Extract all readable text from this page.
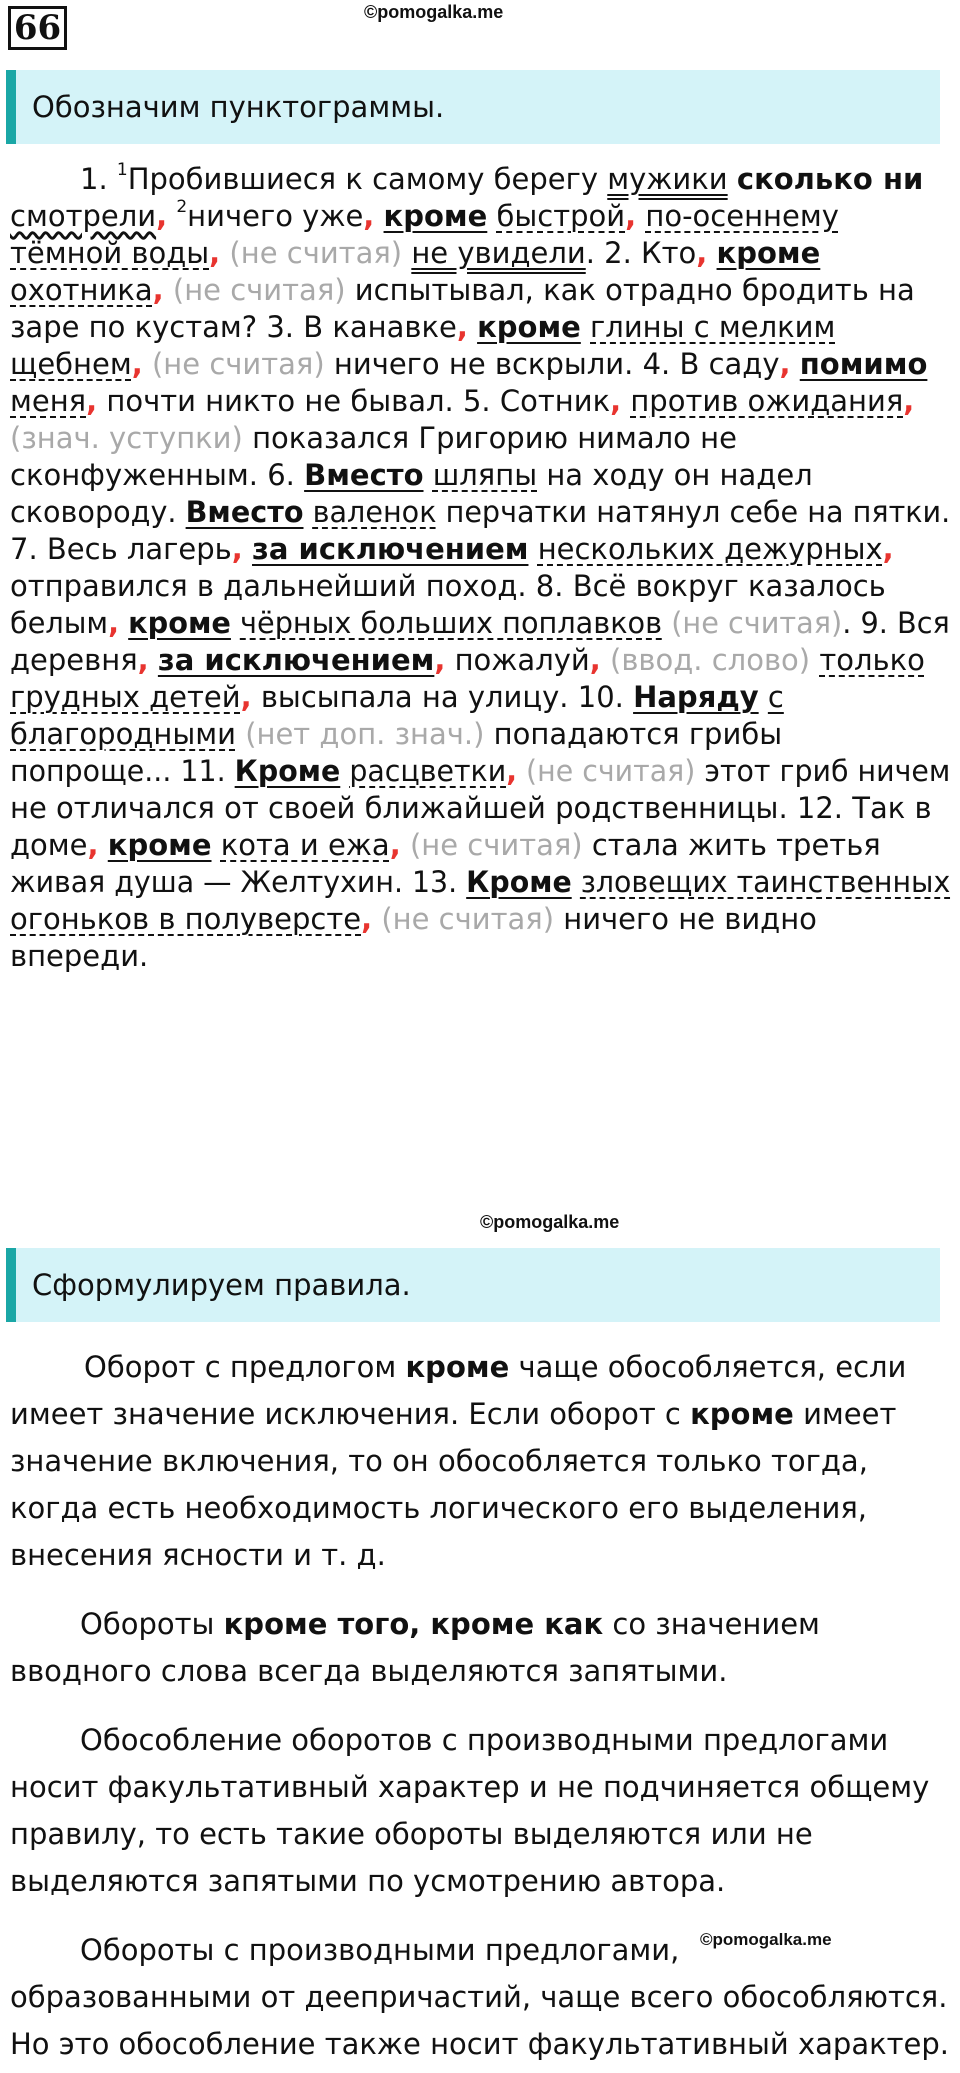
66	©pomogalka.me
Обозначим пунктограммы.
1. $^1$Пробившиеся к самому берегу мужики сколько ни
смотрели, $^2$ничего уже, кроме быстрой, по-осеннему
тёмной воды, (не считая) не увидели. 2. Кто, кроме
охотника, (не считая) испытывал, как отрадно бродить на
заре по кустам? 3. В канавке, кроме глины с мелким
щебнем, (не считая) ничего не вскрыли. 4. В саду, помимо
меня, почти никто не бывал. 5. Сотник, против ожидания,
(знач. уступки) показался Григорию нимало не
сконфуженным. 6. Вместо шляпы на ходу он надел
сковороду. Вместо валенок перчатки натянул себе на пятки.
7. Весь лагерь, за исключением нескольких дежурных,
отправился в дальнейший поход. 8. Всё вокруг казалось
белым, кроме чёрных больших поплавков (не считая). 9. Вся
деревня, за исключением, пожалуй, (ввод. слово) только
грудных детей, высыпала на улицу. 10. Наряду с
благородными (нет доп. знач.) попадаются грибы
попроще... 11. Кроме расцветки, (не считая) этот гриб ничем
не отличался от своей ближайшей родственницы. 12. Так в
доме, кроме кота и ежа, (не считая) стала жить третья
живая душа — Желтухин. 13. Кроме зловещих таинственных
огоньков в полуверсте, (не считая) ничего не видно
впереди.
©pomogalka.me
Сформулируем правила.
Оборот с предлогом кроме чаще обособляется, если
имеет значение исключения. Если оборот с кроме имеет
значение включения, то он обособляется только тогда,
когда есть необходимость логического его выделения,
внесения ясности и т. д.
Обороты кроме того, кроме как со значением
вводного слова всегда выделяются запятыми.
Обособление оборотов с производными предлогами
носит факультативный характер и не подчиняется общему
правилу, то есть такие обороты выделяются или не
выделяются запятыми по усмотрению автора.
Обороты с производными предлогами,
образованными от деепричастий, чаще всего обособляются.
Но это обособление также носит факультативный характер.
©pomogalka.me
